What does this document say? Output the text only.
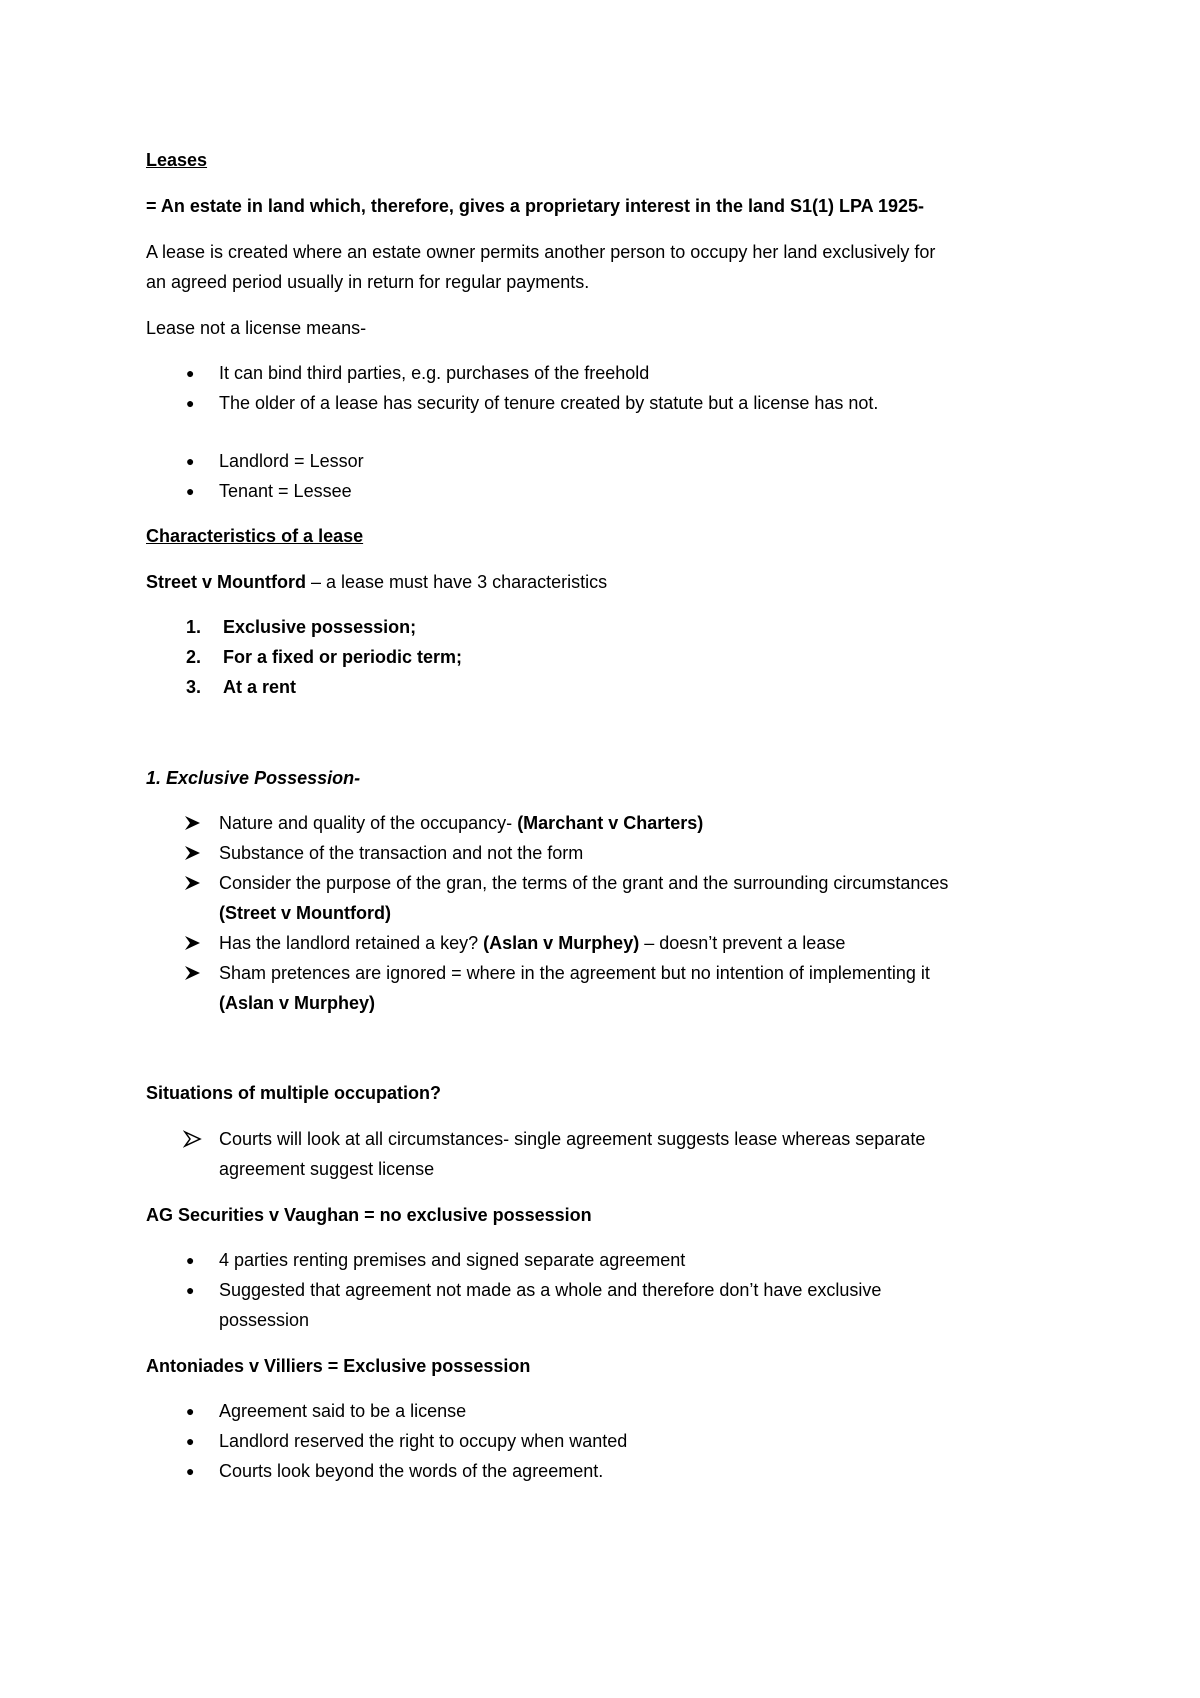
Leases
= An estate in land which, therefore, gives a proprietary interest in the land S1(1) LPA 1925-
A lease is created where an estate owner permits another person to occupy her land exclusively for
an agreed period usually in return for regular payments.
Lease not a license means-
● It can bind third parties, e.g. purchases of the freehold
● The older of a lease has security of tenure created by statute but a license has not.
● Landlord = Lessor
● Tenant = Lessee
Characteristics of a lease
Street v Mountford – a lease must have 3 characteristics
1. Exclusive possession;
2. For a fixed or periodic term;
3. At a rent
1. Exclusive Possession-
Nature and quality of the occupancy- (Marchant v Charters)
Substance of the transaction and not the form
Consider the purpose of the gran, the terms of the grant and the surrounding circumstances
(Street v Mountford)
Has the landlord retained a key? (Aslan v Murphey) – doesn’t prevent a lease
Sham pretences are ignored = where in the agreement but no intention of implementing it
(Aslan v Murphey)
Situations of multiple occupation?
Courts will look at all circumstances- single agreement suggests lease whereas separate
agreement suggest license
AG Securities v Vaughan = no exclusive possession
● 4 parties renting premises and signed separate agreement
● Suggested that agreement not made as a whole and therefore don’t have exclusive
possession
Antoniades v Villiers = Exclusive possession
● Agreement said to be a license
● Landlord reserved the right to occupy when wanted
● Courts look beyond the words of the agreement.
